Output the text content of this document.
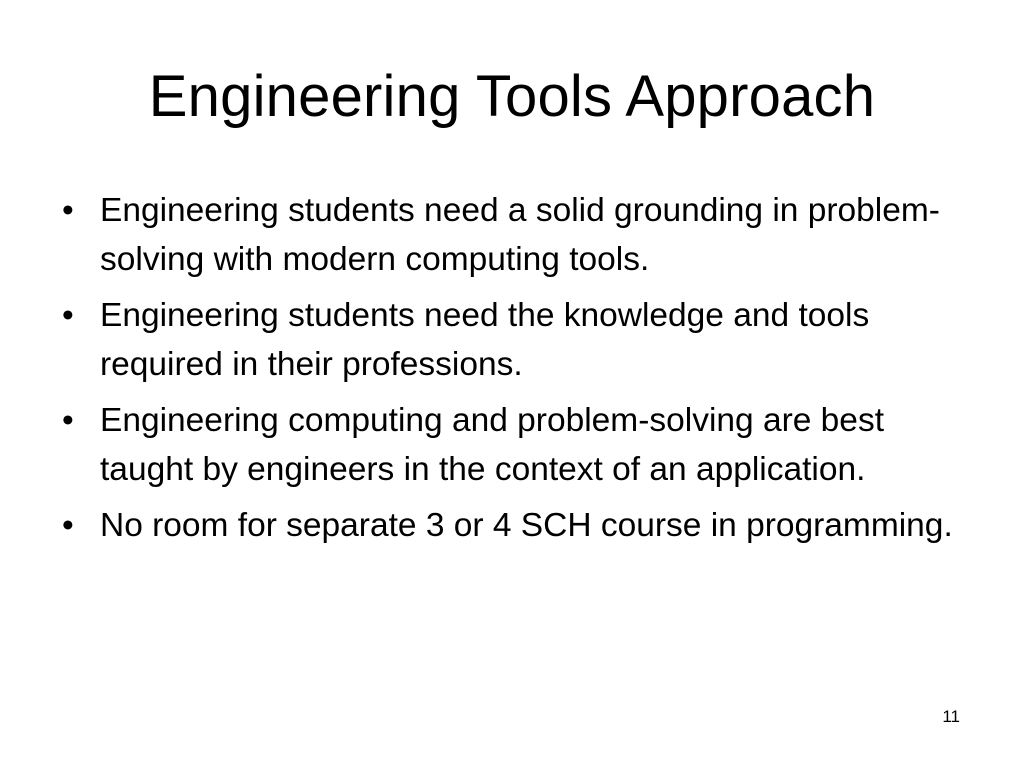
Engineering Tools Approach
• Engineering students need a solid grounding in problem-solving with modern computing tools.
• Engineering students need the knowledge and tools required in their professions.
• Engineering computing and problem-solving are best taught by engineers in the context of an application.
• No room for separate 3 or 4 SCH course in programming.
11
